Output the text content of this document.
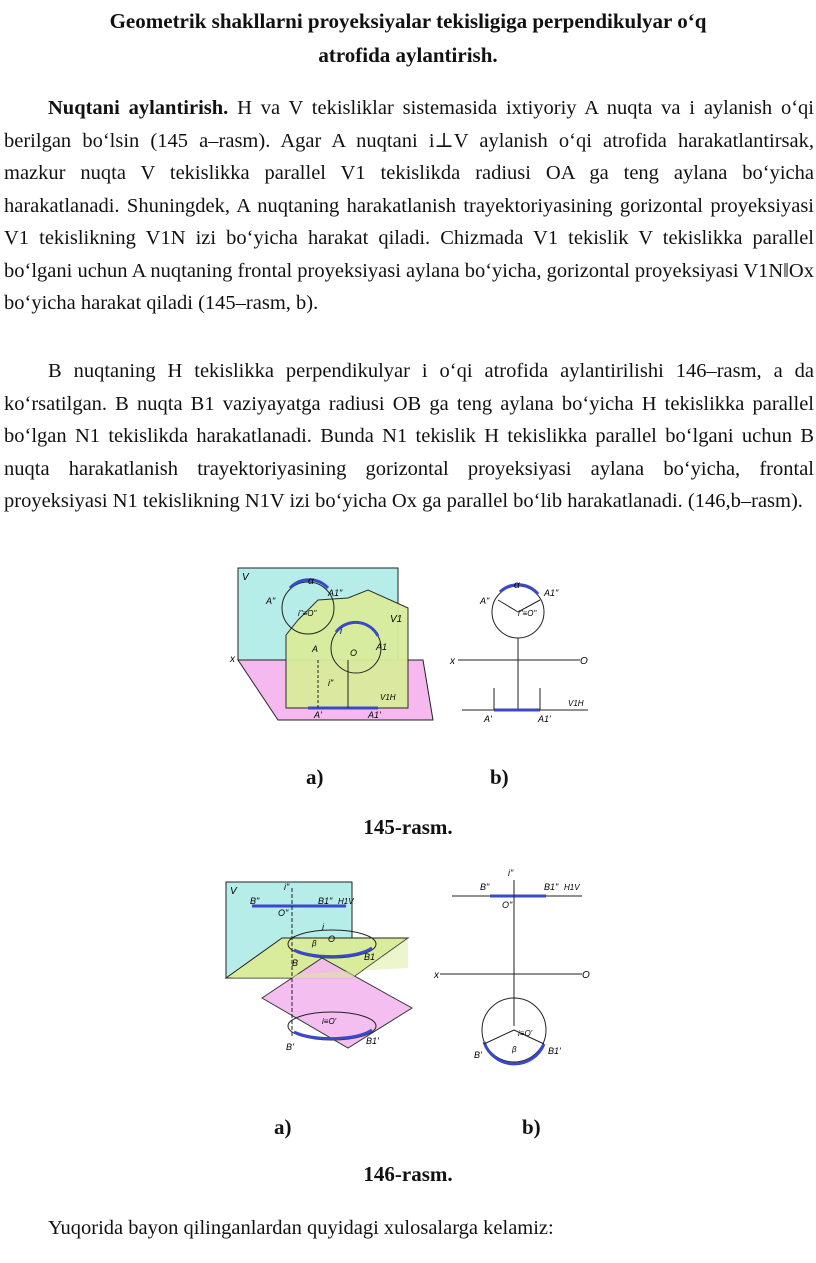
Geometrik shakllarni proyeksiyalar tekisligiga perpendikulyar o‘q
atrofida aylantirish.
Nuqtani aylantirish. H va V tekisliklar sistemasida ixtiyoriy A nuqta va i aylanish o‘qi berilgan bo‘lsin (145 a–rasm). Agar A nuqtani i⊥V aylanish o‘qi atrofida harakatlantirsak, mazkur nuqta V tekislikka parallel V1 tekislikda radiusi OA ga teng aylana bo‘yicha harakatlanadi. Shuningdek, A nuqtaning harakatlanish trayektoriyasining gorizontal proyeksiyasi V1 tekislikning V1N izi bo‘yicha harakat qiladi. Chizmada V1 tekislik V tekislikka parallel bo‘lgani uchun A nuqtaning frontal proyeksiyasi aylana bo‘yicha, gorizontal proyeksiyasi V1N‖Ox bo‘yicha harakat qiladi (145–rasm, b).
B nuqtaning H tekislikka perpendikulyar i o‘qi atrofida aylantirilishi 146–rasm, a da ko‘rsatilgan. B nuqta B1 vaziyayatga radiusi OB ga teng aylana bo‘yicha H tekislikka parallel bo‘lgan N1 tekislikda harakatlanadi. Bunda N1 tekislik H tekislikka parallel bo‘lgani uchun B nuqta harakatlanish trayektoriyasining gorizontal proyeksiyasi aylana bo‘yicha, frontal proyeksiyasi N1 tekislikning N1V izi bo‘yicha Ox ga parallel bo‘lib harakatlanadi. (146,b–rasm).
V
V1
x
A"
A1"
i"≡O"
α
A	A1
i
O
i"
V1H
A'	A1'
A"
A1"
α
i"≡O"
x	O
V1H
A'	A1'
a)	b)
145-rasm.
V
B"
i"
B1" H1V
O"
i
O
β
B
B1
i≡O'
B'
B1'
B"
i"
B1" H1V
O"
x	O
i≡O'
β
B'	B1'
a)	b)
146-rasm.
Yuqorida bayon qilinganlardan quyidagi xulosalarga kelamiz:
